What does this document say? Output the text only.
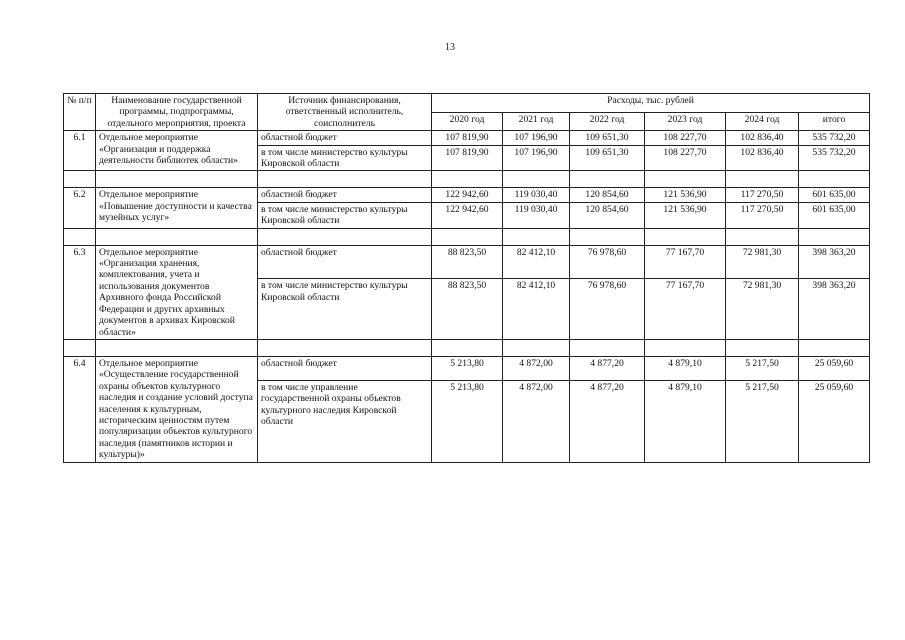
13
№ п/п	Наименование государственной программы, подпрограммы, отдельного мероприятия, проекта	Источник финансирования, ответственный исполнитель, соисполнитель	Расходы, тыс. рублей					
			2020 год	2021 год	2022 год	2023 год	2024 год	итого
6.1	Отдельное мероприятие «Организация и поддержка деятельности библиотек области»	областной бюджет	107 819,90	107 196,90	109 651,30	108 227,70	102 836,40	535 732,20
		в том числе министерство культуры Кировской области	107 819,90	107 196,90	109 651,30	108 227,70	102 836,40	535 732,20

6.2	Отдельное мероприятие «Повышение доступности и качества музейных услуг»	областной бюджет	122 942,60	119 030,40	120 854,60	121 536,90	117 270,50	601 635,00
		в том числе министерство культуры Кировской области	122 942,60	119 030,40	120 854,60	121 536,90	117 270,50	601 635,00

6.3	Отдельное мероприятие «Организация хранения, комплектования, учета и использования документов Архивного фонда Российской Федерации и других архивных документов в архивах Кировской области»	областной бюджет	88 823,50	82 412,10	76 978,60	77 167,70	72 981,30	398 363,20
		в том числе министерство культуры Кировской области	88 823,50	82 412,10	76 978,60	77 167,70	72 981,30	398 363,20

6.4	Отдельное мероприятие «Осуществление государственной охраны объектов культурного наследия и создание условий доступа населения к культурным, историческим ценностям путем популяризации объектов культурного наследия (памятников истории и культуры)»	областной бюджет	5 213,80	4 872,00	4 877,20	4 879,10	5 217,50	25 059,60
		в том числе управление государственной охраны объектов культурного наследия Кировской области	5 213,80	4 872,00	4 877,20	4 879,10	5 217,50	25 059,60
